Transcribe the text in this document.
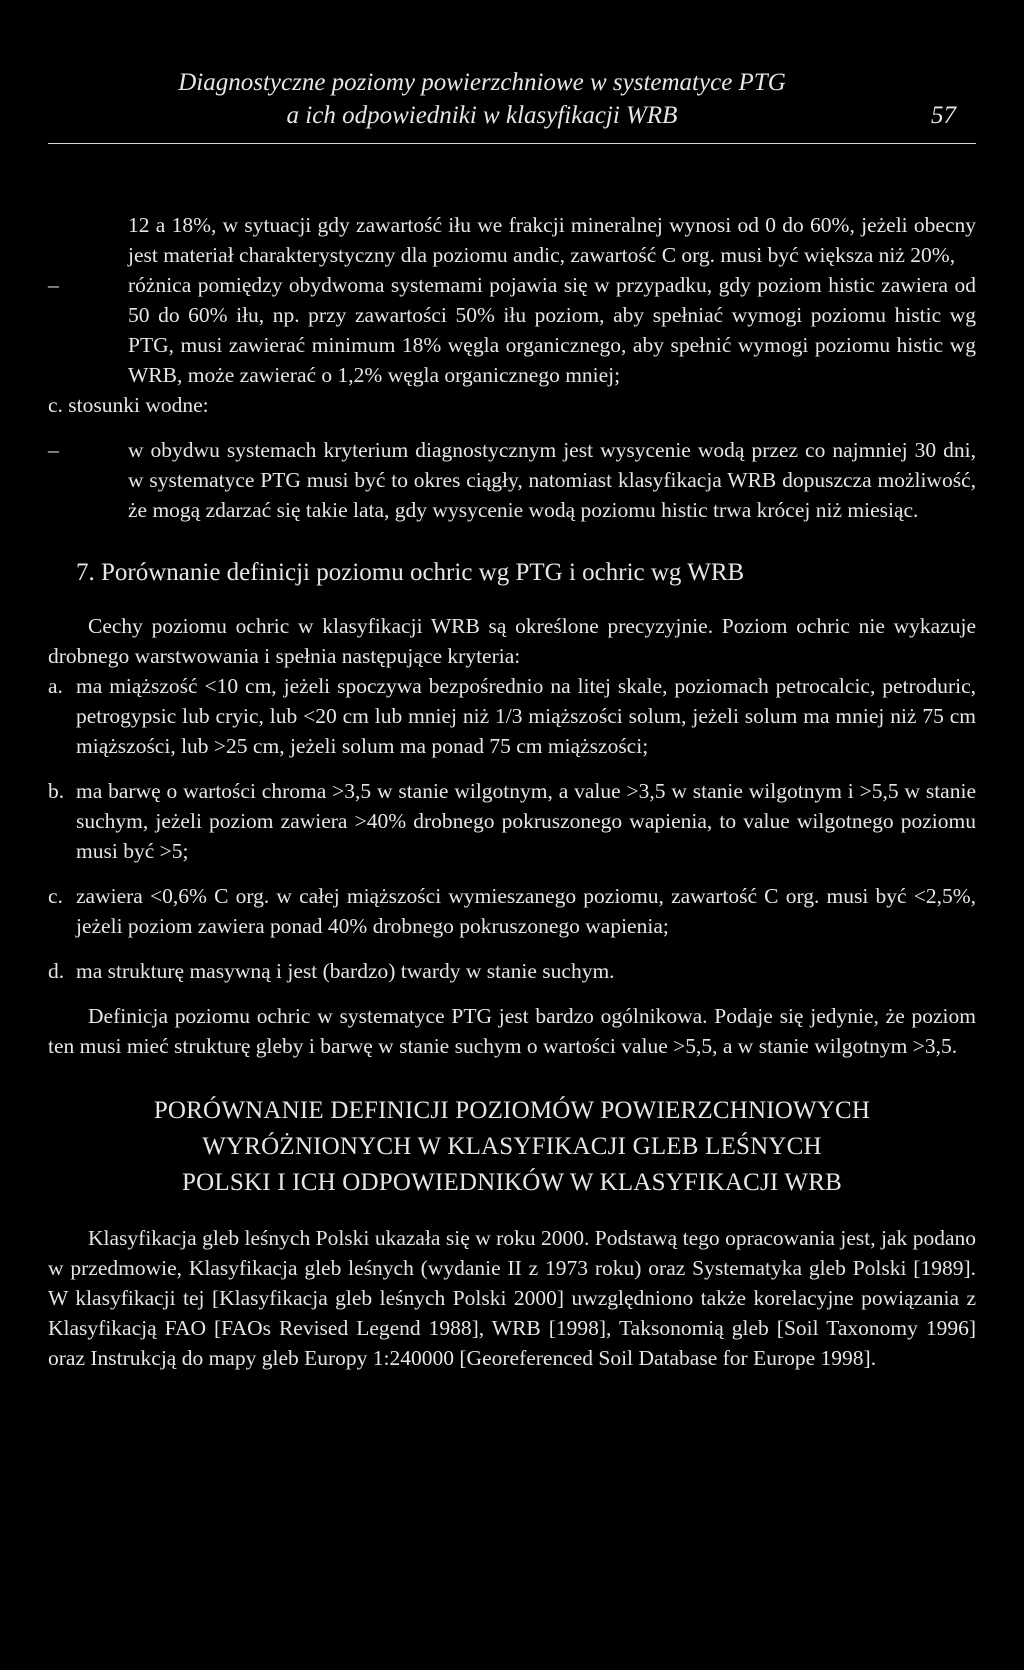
Diagnostyczne poziomy powierzchniowe w systematyce PTG
a ich odpowiedniki w klasyfikacji WRB	57

12 a 18%, w sytuacji gdy zawartość iłu we frakcji mineralnej wynosi od 0 do 60%, jeżeli obecny jest materiał charakterystyczny dla poziomu andic, zawartość C org. musi być większa niż 20%,

–	różnica pomiędzy obydwoma systemami pojawia się w przypadku, gdy poziom histic zawiera od 50 do 60% iłu, np. przy zawartości 50% iłu poziom, aby spełniać wymogi poziomu histic wg PTG, musi zawierać minimum 18% węgla organicznego, aby spełnić wymogi poziomu histic wg WRB, może zawierać o 1,2% węgla organicznego mniej;

c. stosunki wodne:

–	w obydwu systemach kryterium diagnostycznym jest wysycenie wodą przez co najmniej 30 dni, w systematyce PTG musi być to okres ciągły, natomiast klasyfikacja WRB dopuszcza możliwość, że mogą zdarzać się takie lata, gdy wysycenie wodą poziomu histic trwa krócej niż miesiąc.

7. Porównanie definicji poziomu ochric wg PTG i ochric wg WRB

Cechy poziomu ochric w klasyfikacji WRB są określone precyzyjnie. Poziom ochric nie wykazuje drobnego warstwowania i spełnia następujące kryteria:

a. ma miąższość <10 cm, jeżeli spoczywa bezpośrednio na litej skale, poziomach petrocalcic, petroduric, petrogypsic lub cryic, lub <20 cm lub mniej niż 1/3 miąższości solum, jeżeli solum ma mniej niż 75 cm miąższości, lub >25 cm, jeżeli solum ma ponad 75 cm miąższości;
b. ma barwę o wartości chroma >3,5 w stanie wilgotnym, a value >3,5 w stanie wilgotnym i >5,5 w stanie suchym, jeżeli poziom zawiera >40% drobnego pokruszonego wapienia, to value wilgotnego poziomu musi być >5;
c. zawiera <0,6% C org. w całej miąższości wymieszanego poziomu, zawartość C org. musi być <2,5%, jeżeli poziom zawiera ponad 40% drobnego pokruszonego wapienia;
d. ma strukturę masywną i jest (bardzo) twardy w stanie suchym.

Definicja poziomu ochric w systematyce PTG jest bardzo ogólnikowa. Podaje się jedynie, że poziom ten musi mieć strukturę gleby i barwę w stanie suchym o wartości value >5,5, a w stanie wilgotnym >3,5.

PORÓWNANIE DEFINICJI POZIOMÓW POWIERZCHNIOWYCH
WYRÓŻNIONYCH W KLASYFIKACJI GLEB LEŚNYCH
POLSKI I ICH ODPOWIEDNIKÓW W KLASYFIKACJI WRB

Klasyfikacja gleb leśnych Polski ukazała się w roku 2000. Podstawą tego opracowania jest, jak podano w przedmowie, Klasyfikacja gleb leśnych (wydanie II z 1973 roku) oraz Systematyka gleb Polski [1989]. W klasyfikacji tej [Klasyfikacja gleb leśnych Polski 2000] uwzględniono także korelacyjne powiązania z Klasyfikacją FAO [FAOs Revised Legend 1988], WRB [1998], Taksonomią gleb [Soil Taxonomy 1996] oraz Instrukcją do mapy gleb Europy 1:240000 [Georeferenced Soil Database for Europe 1998].
